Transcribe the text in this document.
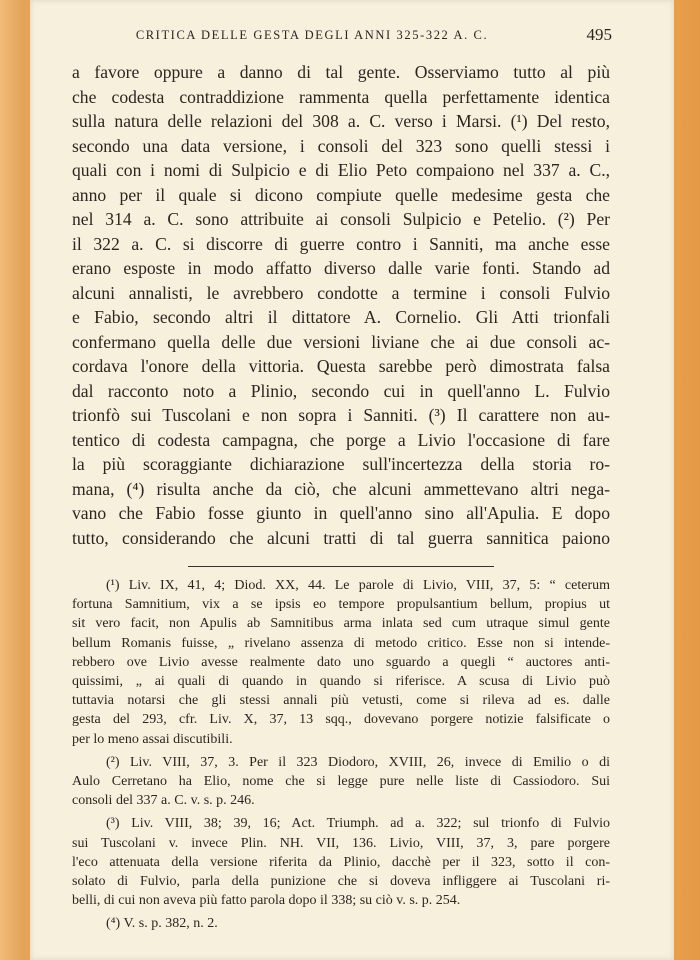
CRITICA DELLE GESTA DEGLI ANNI 325-322 A. C.	495
a favore oppure a danno di tal gente. Osserviamo tutto al più
che codesta contraddizione rammenta quella perfettamente identica
sulla natura delle relazioni del 308 a. C. verso i Marsi. (¹) Del resto,
secondo una data versione, i consoli del 323 sono quelli stessi i
quali con i nomi di Sulpicio e di Elio Peto compaiono nel 337 a. C.,
anno per il quale si dicono compiute quelle medesime gesta che
nel 314 a. C. sono attribuite ai consoli Sulpicio e Petelio. (²) Per
il 322 a. C. si discorre di guerre contro i Sanniti, ma anche esse
erano esposte in modo affatto diverso dalle varie fonti. Stando ad
alcuni annalisti, le avrebbero condotte a termine i consoli Fulvio
e Fabio, secondo altri il dittatore A. Cornelio. Gli Atti trionfali
confermano quella delle due versioni liviane che ai due consoli ac-
cordava l'onore della vittoria. Questa sarebbe però dimostrata falsa
dal racconto noto a Plinio, secondo cui in quell'anno L. Fulvio
trionfò sui Tuscolani e non sopra i Sanniti. (³) Il carattere non au-
tentico di codesta campagna, che porge a Livio l'occasione di fare
la più scoraggiante dichiarazione sull'incertezza della storia ro-
mana, (⁴) risulta anche da ciò, che alcuni ammettevano altri nega-
vano che Fabio fosse giunto in quell'anno sino all'Apulia. E dopo
tutto, considerando che alcuni tratti di tal guerra sannitica paiono
(¹) Liv. IX, 41, 4; Diod. XX, 44. Le parole di Livio, VIII, 37, 5: “ ceterum
fortuna Samnitium, vix a se ipsis eo tempore propulsantium bellum, propius ut
sit vero facit, non Apulis ab Samnitibus arma inlata sed cum utraque simul gente
bellum Romanis fuisse, „ rivelano assenza di metodo critico. Esse non si intende-
rebbero ove Livio avesse realmente dato uno sguardo a quegli “ auctores anti-
quissimi, „ ai quali di quando in quando si riferisce. A scusa di Livio può
tuttavia notarsi che gli stessi annali più vetusti, come si rileva ad es. dalle
gesta del 293, cfr. Liv. X, 37, 13 sqq., dovevano porgere notizie falsificate o
per lo meno assai discutibili.
(²) Liv. VIII, 37, 3. Per il 323 Diodoro, XVIII, 26, invece di Emilio o di
Aulo Cerretano ha Elio, nome che si legge pure nelle liste di Cassiodoro. Sui
consoli del 337 a. C. v. s. p. 246.
(³) Liv. VIII, 38; 39, 16; Act. Triumph. ad a. 322; sul trionfo di Fulvio
sui Tuscolani v. invece Plin. NH. VII, 136. Livio, VIII, 37, 3, pare porgere
l'eco attenuata della versione riferita da Plinio, dacchè per il 323, sotto il con-
solato di Fulvio, parla della punizione che si doveva infliggere ai Tuscolani ri-
belli, di cui non aveva più fatto parola dopo il 338; su ciò v. s. p. 254.
(⁴) V. s. p. 382, n. 2.
